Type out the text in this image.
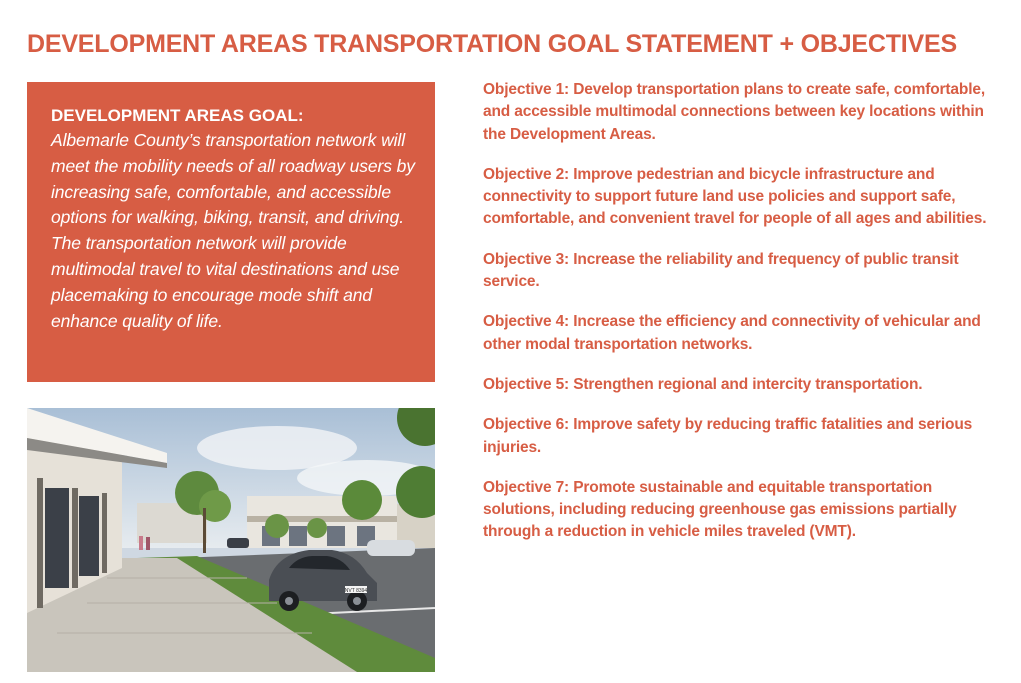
DEVELOPMENT AREAS TRANSPORTATION GOAL STATEMENT + OBJECTIVES

DEVELOPMENT AREAS GOAL:

Albemarle County’s transportation network will meet the mobility needs of all roadway users by increasing safe, comfortable, and accessible options for walking, biking, transit, and driving. The transportation network will provide multimodal travel to vital destinations and use placemaking to encourage mode shift and enhance quality of life.

NVT 8394
Objective 1: Develop transportation plans to create safe, comfortable, and accessible multimodal connections between key locations within the Development Areas.
Objective 2: Improve pedestrian and bicycle infrastructure and connectivity to support future land use policies and support safe, comfortable, and convenient travel for people of all ages and abilities.
Objective 3: Increase the reliability and frequency of public transit service.
Objective 4: Increase the efficiency and connectivity of vehicular and other modal transportation networks.
Objective 5: Strengthen regional and intercity transportation.
Objective 6: Improve safety by reducing traffic fatalities and serious injuries.
Objective 7: Promote sustainable and equitable transportation solutions, including reducing greenhouse gas emissions partially through a reduction in vehicle miles traveled (VMT).
